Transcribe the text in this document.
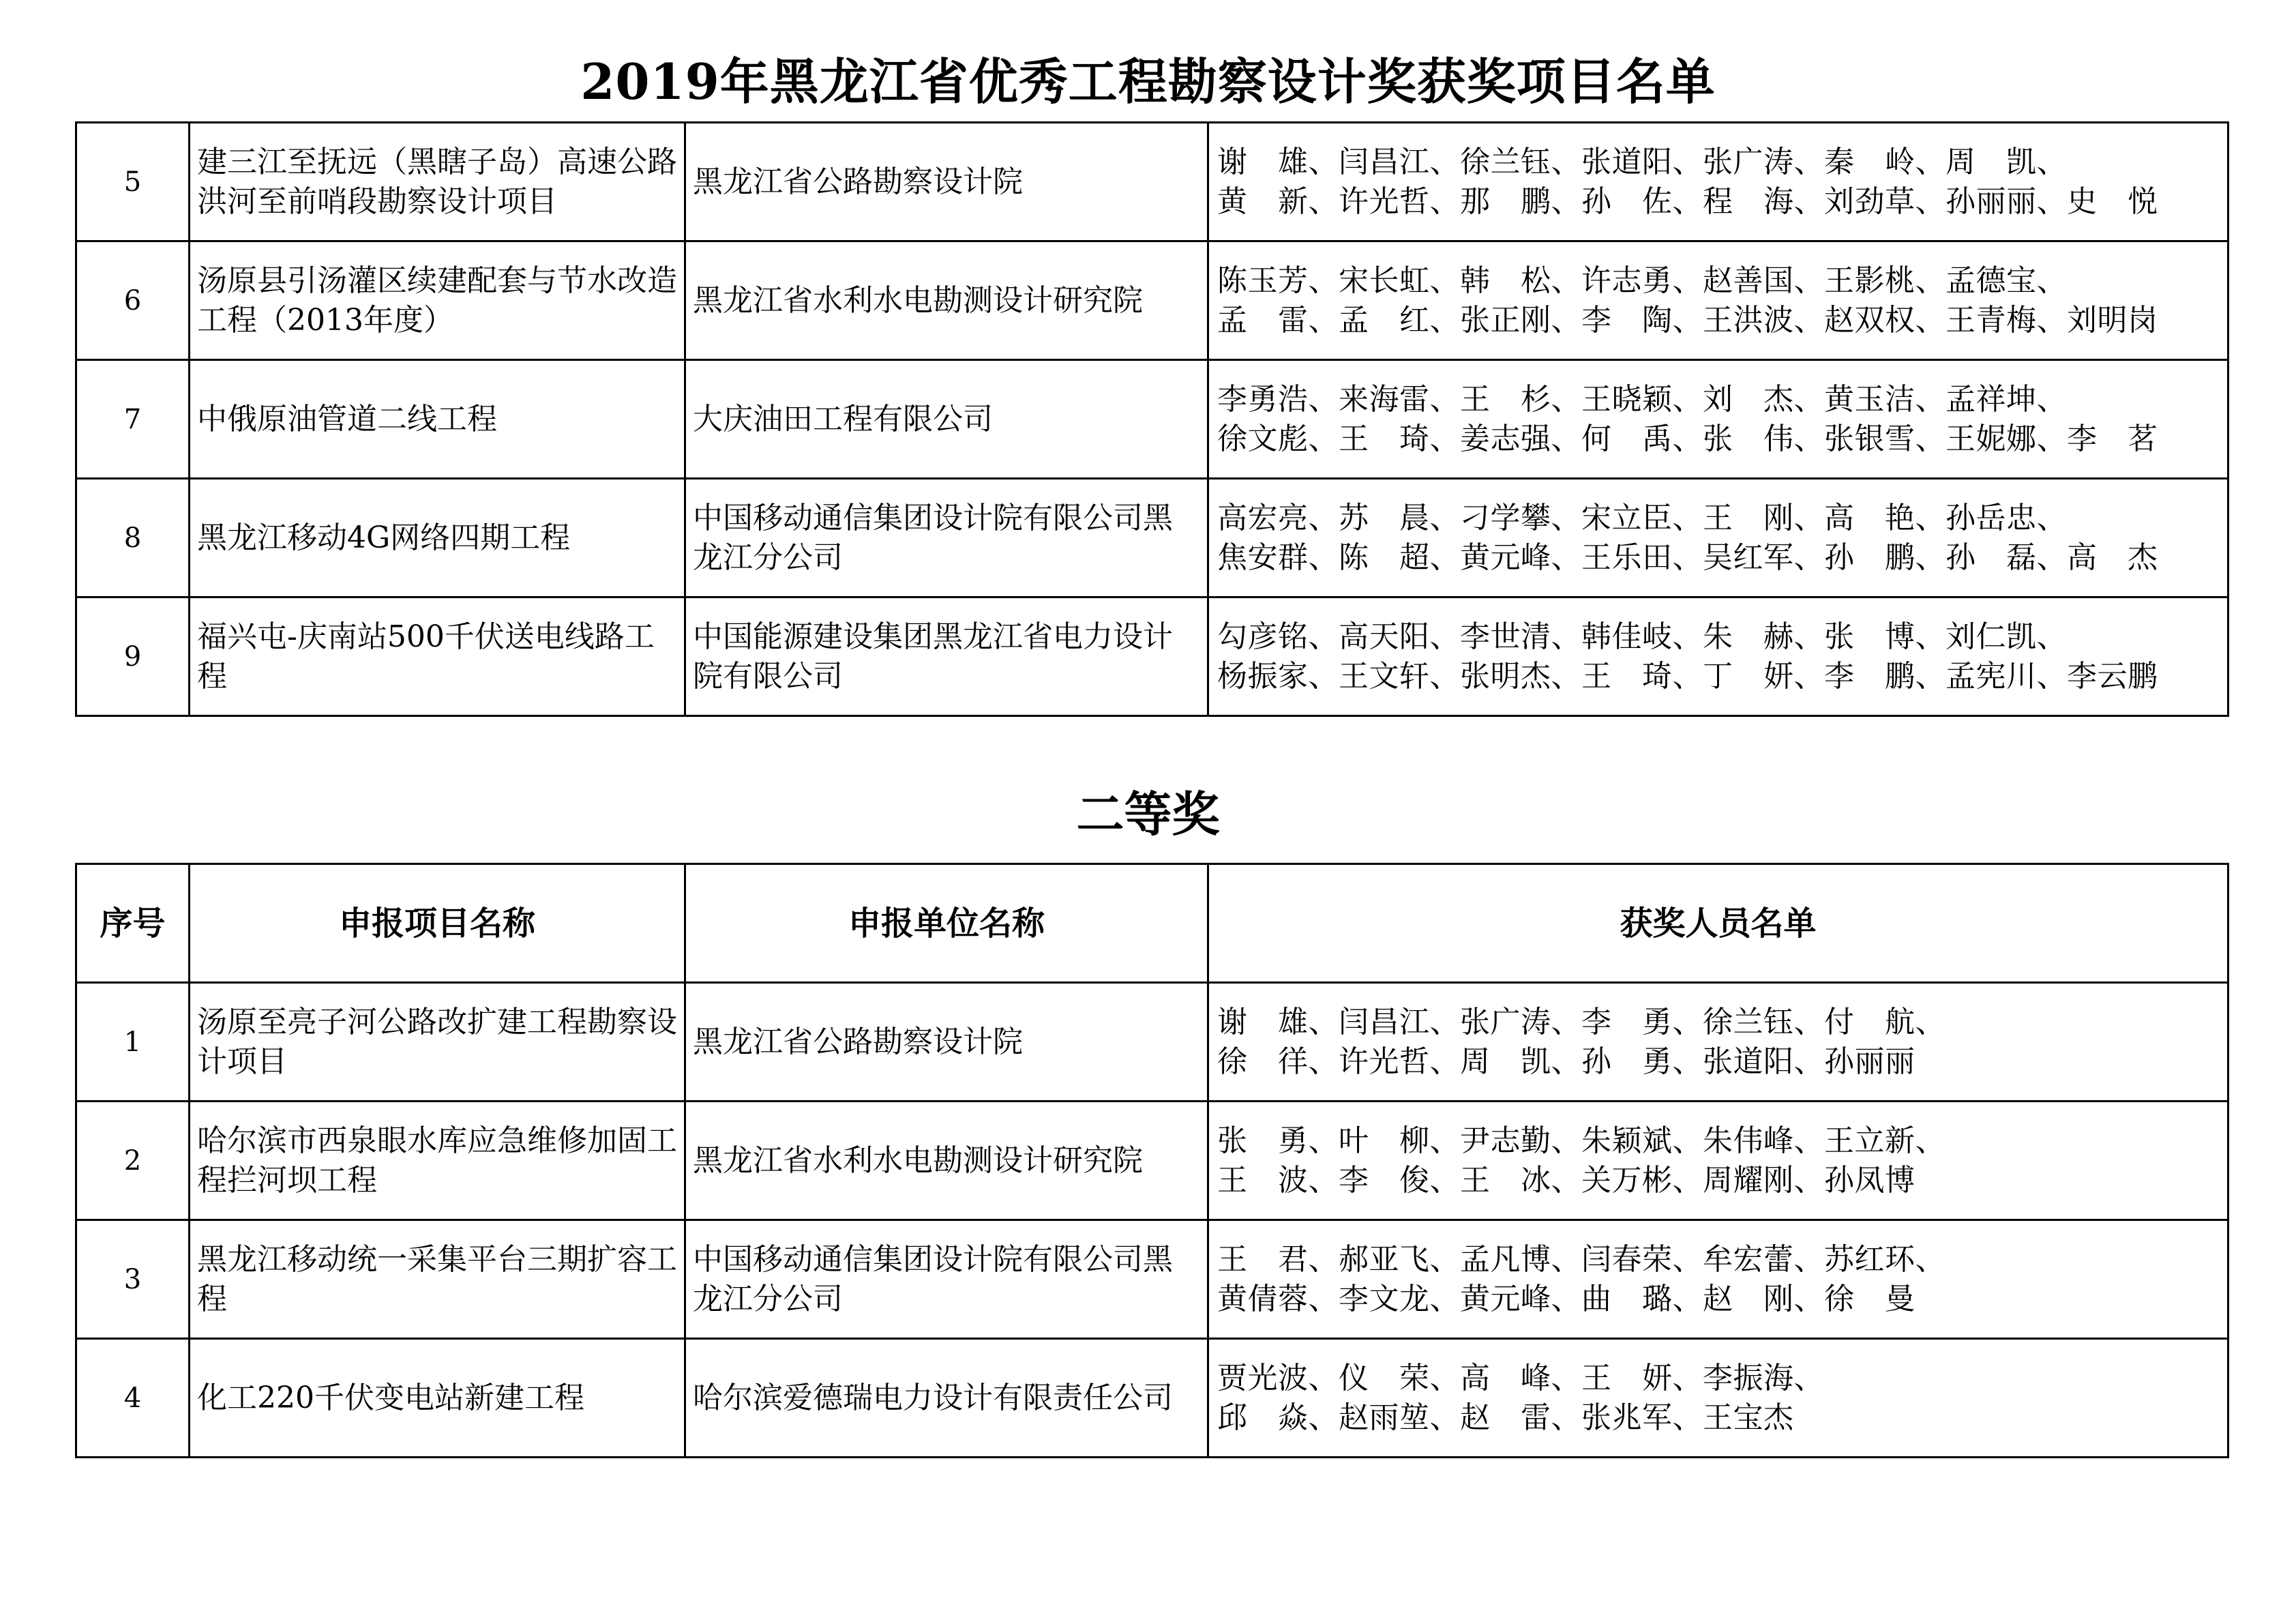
2019年黑龙江省优秀工程勘察设计奖获奖项目名单
5	建三江至抚远（黑瞎子岛）高速公路洪河至前哨段勘察设计项目	黑龙江省公路勘察设计院	谢　雄、闫昌江、徐兰钰、张道阳、张广涛、秦　岭、周　凯、
黄　新、许光哲、那　鹏、孙　佐、程　海、刘劲草、孙丽丽、史　悦

6	汤原县引汤灌区续建配套与节水改造工程（2013年度）	黑龙江省水利水电勘测设计研究院	陈玉芳、宋长虹、韩　松、许志勇、赵善国、王影桃、孟德宝、
孟　雷、孟　红、张正刚、李　陶、王洪波、赵双权、王青梅、刘明岗

7	中俄原油管道二线工程	大庆油田工程有限公司	李勇浩、来海雷、王　杉、王晓颖、刘　杰、黄玉洁、孟祥坤、
徐文彪、王　琦、姜志强、何　禹、张　伟、张银雪、王妮娜、李　茗

8	黑龙江移动4G网络四期工程	中国移动通信集团设计院有限公司黑龙江分公司	高宏亮、苏　晨、刁学攀、宋立臣、王　刚、高　艳、孙岳忠、
焦安群、陈　超、黄元峰、王乐田、吴红军、孙　鹏、孙　磊、高　杰

9	福兴屯-庆南站500千伏送电线路工程	中国能源建设集团黑龙江省电力设计院有限公司	勾彦铭、高天阳、李世清、韩佳岐、朱　赫、张　博、刘仁凯、
杨振家、王文轩、张明杰、王　琦、丁　妍、李　鹏、孟宪川、李云鹏
二等奖
序号	申报项目名称	申报单位名称	获奖人员名单
1	汤原至亮子河公路改扩建工程勘察设计项目	黑龙江省公路勘察设计院	谢　雄、闫昌江、张广涛、李　勇、徐兰钰、付　航、
徐　徉、许光哲、周　凯、孙　勇、张道阳、孙丽丽

2	哈尔滨市西泉眼水库应急维修加固工程拦河坝工程	黑龙江省水利水电勘测设计研究院	张　勇、叶　柳、尹志勤、朱颖斌、朱伟峰、王立新、
王　波、李　俊、王　冰、关万彬、周耀刚、孙凤博

3	黑龙江移动统一采集平台三期扩容工程	中国移动通信集团设计院有限公司黑龙江分公司	王　君、郝亚飞、孟凡博、闫春荣、牟宏蕾、苏红环、
黄倩蓉、李文龙、黄元峰、曲　璐、赵　刚、徐　曼

4	化工220千伏变电站新建工程	哈尔滨爱德瑞电力设计有限责任公司	贾光波、仪　荣、高　峰、王　妍、李振海、
邱　焱、赵雨堃、赵　雷、张兆军、王宝杰
